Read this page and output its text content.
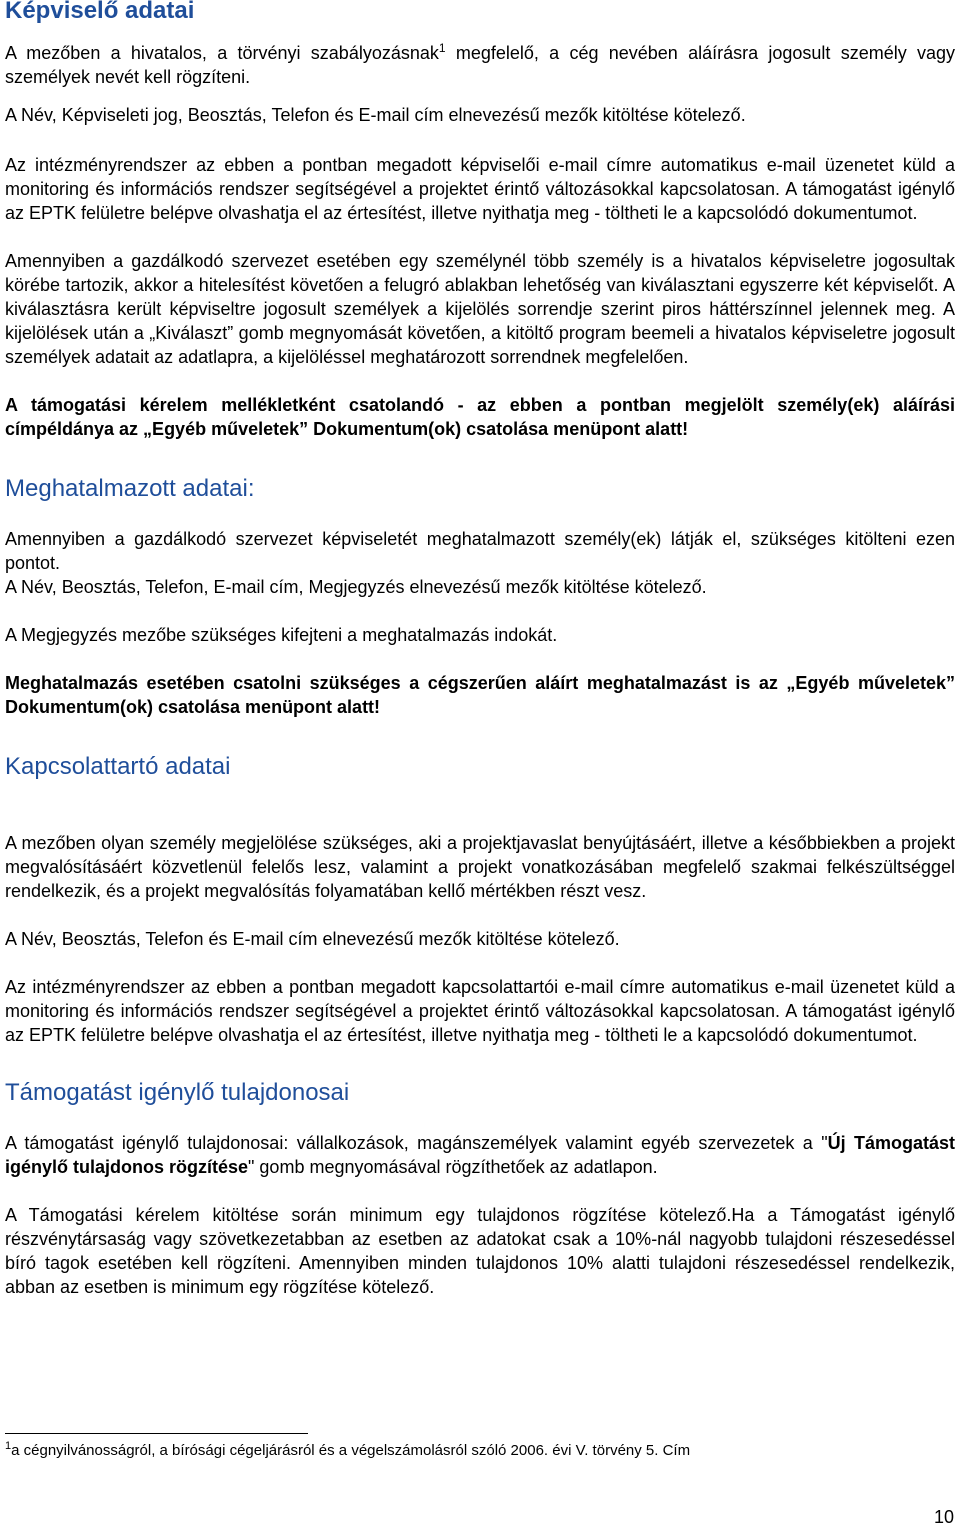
Képviselő adatai

A mezőben a hivatalos, a törvényi szabályozásnak$^1$ megfelelő, a cég nevében aláírásra jogosult személy vagy személyek nevét kell rögzíteni.

A Név, Képviseleti jog, Beosztás, Telefon és E-mail cím elnevezésű mezők kitöltése kötelező.

Az intézményrendszer az ebben a pontban megadott képviselői e-mail címre automatikus e-mail üzenetet küld a monitoring és információs rendszer segítségével a projektet érintő változásokkal kapcsolatosan. A támogatást igénylő az EPTK felületre belépve olvashatja el az értesítést, illetve nyithatja meg - töltheti le a kapcsolódó dokumentumot.

Amennyiben a gazdálkodó szervezet esetében egy személynél több személy is a hivatalos képviseletre jogosultak körébe tartozik, akkor a hitelesítést követően a felugró ablakban lehetőség van kiválasztani egyszerre két képviselőt. A kiválasztásra került képviseltre jogosult személyek a kijelölés sorrendje szerint piros háttérszínnel jelennek meg. A kijelölések után a „Kiválaszt” gomb megnyomását követően, a kitöltő program beemeli a hivatalos képviseletre jogosult személyek adatait az adatlapra, a kijelöléssel meghatározott sorrendnek megfelelően.

A támogatási kérelem mellékletként csatolandó - az ebben a pontban megjelölt személy(ek) aláírási címpéldánya az „Egyéb műveletek” Dokumentum(ok) csatolása menüpont alatt!

Meghatalmazott adatai:

Amennyiben a gazdálkodó szervezet képviseletét meghatalmazott személy(ek) látják el, szükséges kitölteni ezen pontot.

A Név, Beosztás, Telefon, E-mail cím, Megjegyzés elnevezésű mezők kitöltése kötelező.

A Megjegyzés mezőbe szükséges kifejteni a meghatalmazás indokát.

Meghatalmazás esetében csatolni szükséges a cégszerűen aláírt meghatalmazást is az „Egyéb műveletek” Dokumentum(ok) csatolása menüpont alatt!

Kapcsolattartó adatai

A mezőben olyan személy megjelölése szükséges, aki a projektjavaslat benyújtásáért, illetve a későbbiekben a projekt megvalósításáért közvetlenül felelős lesz, valamint a projekt vonatkozásában megfelelő szakmai felkészültséggel rendelkezik, és a projekt megvalósítás folyamatában kellő mértékben részt vesz.

A Név, Beosztás, Telefon és E-mail cím elnevezésű mezők kitöltése kötelező.

Az intézményrendszer az ebben a pontban megadott kapcsolattartói e-mail címre automatikus e-mail üzenetet küld a monitoring és információs rendszer segítségével a projektet érintő változásokkal kapcsolatosan. A támogatást igénylő az EPTK felületre belépve olvashatja el az értesítést, illetve nyithatja meg - töltheti le a kapcsolódó dokumentumot.

Támogatást igénylő tulajdonosai

A támogatást igénylő tulajdonosai: vállalkozások, magánszemélyek valamint egyéb szervezetek a "Új Támogatást igénylő tulajdonos rögzítése" gomb megnyomásával rögzíthetőek az adatlapon.

A Támogatási kérelem kitöltése során minimum egy tulajdonos rögzítése kötelező.Ha a Támogatást igénylő részvénytársaság vagy szövetkezetabban az esetben az adatokat csak a 10%-nál nagyobb tulajdoni részesedéssel bíró tagok esetében kell rögzíteni. Amennyiben minden tulajdonos 10% alatti tulajdoni részesedéssel rendelkezik, abban az esetben is minimum egy rögzítése kötelező.

$^1$a cégnyilvánosságról, a bírósági cégeljárásról és a végelszámolásról szóló 2006. évi V. törvény 5. Cím
10
